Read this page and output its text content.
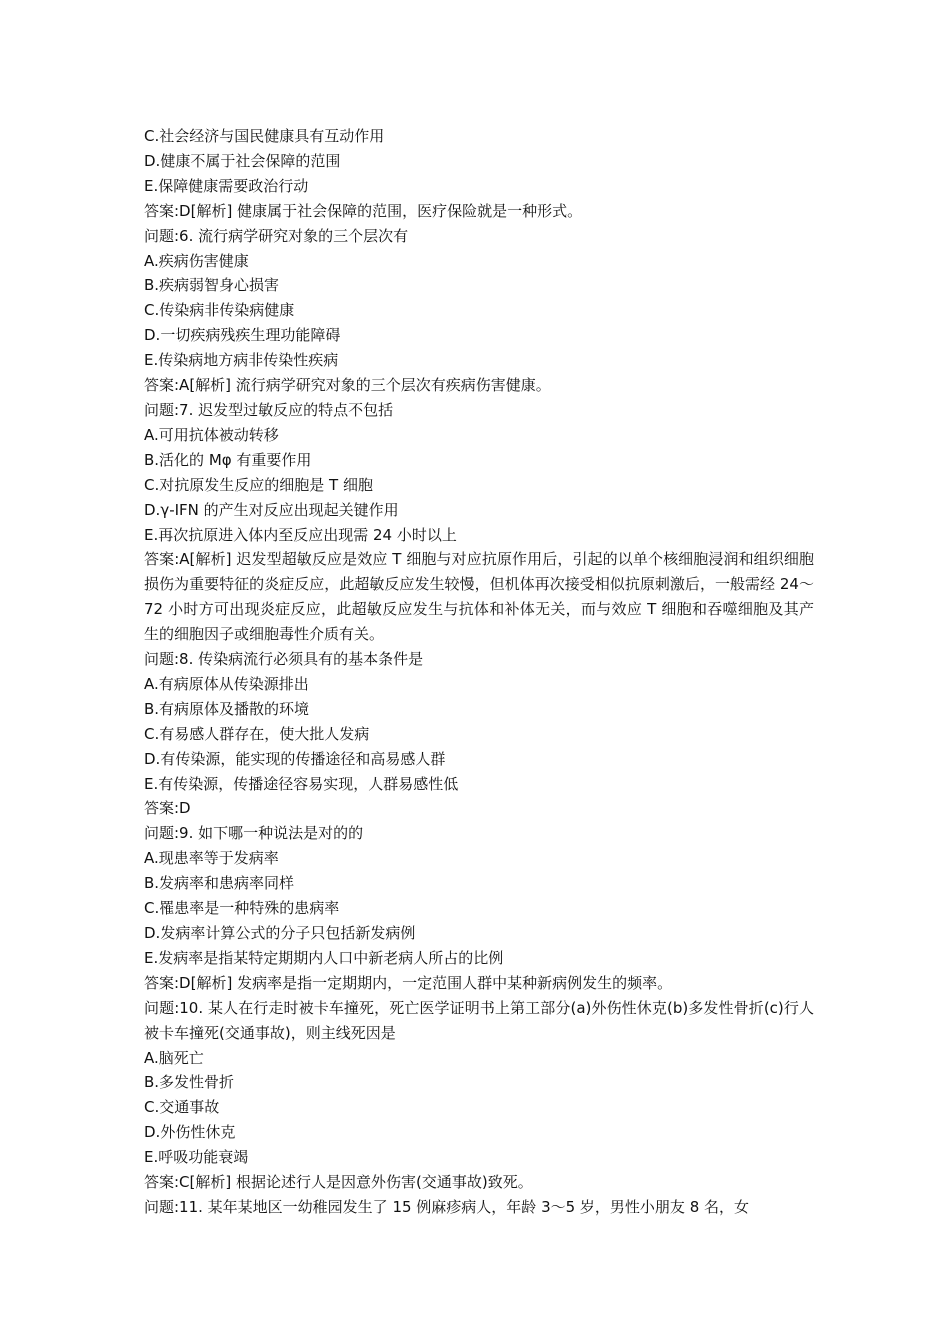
C.社会经济与国民健康具有互动作用
D.健康不属于社会保障的范围
E.保障健康需要政治行动
答案:D[解析] 健康属于社会保障的范围，医疗保险就是一种形式。
问题:6. 流行病学研究对象的三个层次有
A.疾病伤害健康
B.疾病弱智身心损害
C.传染病非传染病健康
D.一切疾病残疾生理功能障碍
E.传染病地方病非传染性疾病
答案:A[解析] 流行病学研究对象的三个层次有疾病伤害健康。
问题:7. 迟发型过敏反应的特点不包括
A.可用抗体被动转移
B.活化的 Mφ 有重要作用
C.对抗原发生反应的细胞是 T 细胞
D.γ-IFN 的产生对反应出现起关键作用
E.再次抗原进入体内至反应出现需 24 小时以上
答案:A[解析] 迟发型超敏反应是效应 T 细胞与对应抗原作用后，引起的以单个核细胞浸润和组织细胞损伤为重要特征的炎症反应，此超敏反应发生较慢，但机体再次接受相似抗原刺激后，一般需经 24～72 小时方可出现炎症反应，此超敏反应发生与抗体和补体无关，而与效应 T 细胞和吞噬细胞及其产生的细胞因子或细胞毒性介质有关。
问题:8. 传染病流行必须具有的基本条件是
A.有病原体从传染源排出
B.有病原体及播散的环境
C.有易感人群存在，使大批人发病
D.有传染源，能实现的传播途径和高易感人群
E.有传染源，传播途径容易实现，人群易感性低
答案:D
问题:9. 如下哪一种说法是对的的
A.现患率等于发病率
B.发病率和患病率同样
C.罹患率是一种特殊的患病率
D.发病率计算公式的分子只包括新发病例
E.发病率是指某特定期期内人口中新老病人所占的比例
答案:D[解析] 发病率是指一定期期内，一定范围人群中某种新病例发生的频率。
问题:10. 某人在行走时被卡车撞死，死亡医学证明书上第工部分(a)外伤性休克(b)多发性骨折(c)行人被卡车撞死(交通事故)，则主线死因是
A.脑死亡
B.多发性骨折
C.交通事故
D.外伤性休克
E.呼吸功能衰竭
答案:C[解析] 根据论述行人是因意外伤害(交通事故)致死。
问题:11. 某年某地区一幼稚园发生了 15 例麻疹病人，年龄 3～5 岁，男性小朋友 8 名，女
